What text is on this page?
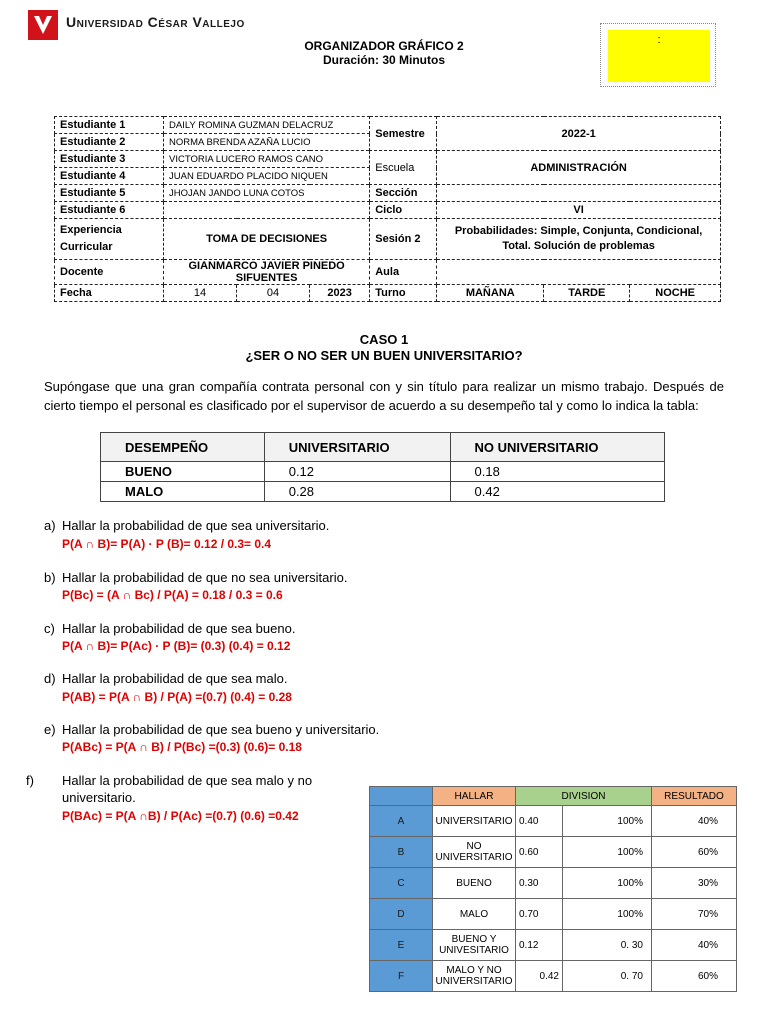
Universidad César Vallejo
ORGANIZADOR GRÁFICO 2
Duración: 30 Minutos
:
Estudiante 1	DAILY ROMINA GUZMAN DELACRUZ			Semestre	2022-1		
Estudiante 2	NORMA BRENDA AZAÑA LUCIO						
Estudiante 3	VICTORIA LUCERO RAMOS CANO			Escuela	ADMINISTRACIÓN		
Estudiante 4	JUAN EDUARDO PLACIDO NIQUEN						
Estudiante 5	JHOJAN JANDO LUNA COTOS			Sección			
Estudiante 6				Ciclo	VI		
Experiencia Curricular	TOMA DE DECISIONES			Sesión 2	Probabilidades: Simple, Conjunta, Condicional, Total. Solución de problemas		
Docente	GIANMARCO JAVIER PINEDO SIFUENTES			Aula			
Fecha	14	04	2023	Turno	MAÑANA	TARDE	NOCHE
CASO 1
¿SER O NO SER UN BUEN UNIVERSITARIO?
Supóngase que una gran compañía contrata personal con y sin título para realizar un mismo trabajo. Después de cierto tiempo el personal es clasificado por el supervisor de acuerdo a su desempeño tal y como lo indica la tabla:
DESEMPEÑO	UNIVERSITARIO	NO UNIVERSITARIO
BUENO	0.12	0.18
MALO	0.28	0.42
a) Hallar la probabilidad de que sea universitario.
P(A ∩ B)= P(A) · P (B)= 0.12 / 0.3= 0.4
b) Hallar la probabilidad de que no sea universitario.
P(Bc) = (A ∩ Bc) / P(A) = 0.18 / 0.3 = 0.6
c) Hallar la probabilidad de que sea bueno.
P(A ∩ B)= P(Ac) · P (B)= (0.3) (0.4) = 0.12
d) Hallar la probabilidad de que sea malo.
P(AB) = P(A ∩ B) / P(A) =(0.7) (0.4) = 0.28
e) Hallar la probabilidad de que sea bueno y universitario.
P(ABc) = P(A ∩ B) / P(Bc) =(0.3) (0.6)= 0.18
f) Hallar la probabilidad de que sea malo y no universitario.
P(BAc) = P(A ∩B) / P(Ac) =(0.7) (0.6) =0.42
	HALLAR	DIVISION		RESULTADO
A	UNIVERSITARIO	0.40	100%	40%
B	NO UNIVERSITARIO	0.60	100%	60%
C	BUENO	0.30	100%	30%
D	MALO	0.70	100%	70%
E	BUENO Y UNIVESITARIO	0.12	0. 30	40%
F	MALO Y NO UNIVERSITARIO	0.42	0. 70	60%
